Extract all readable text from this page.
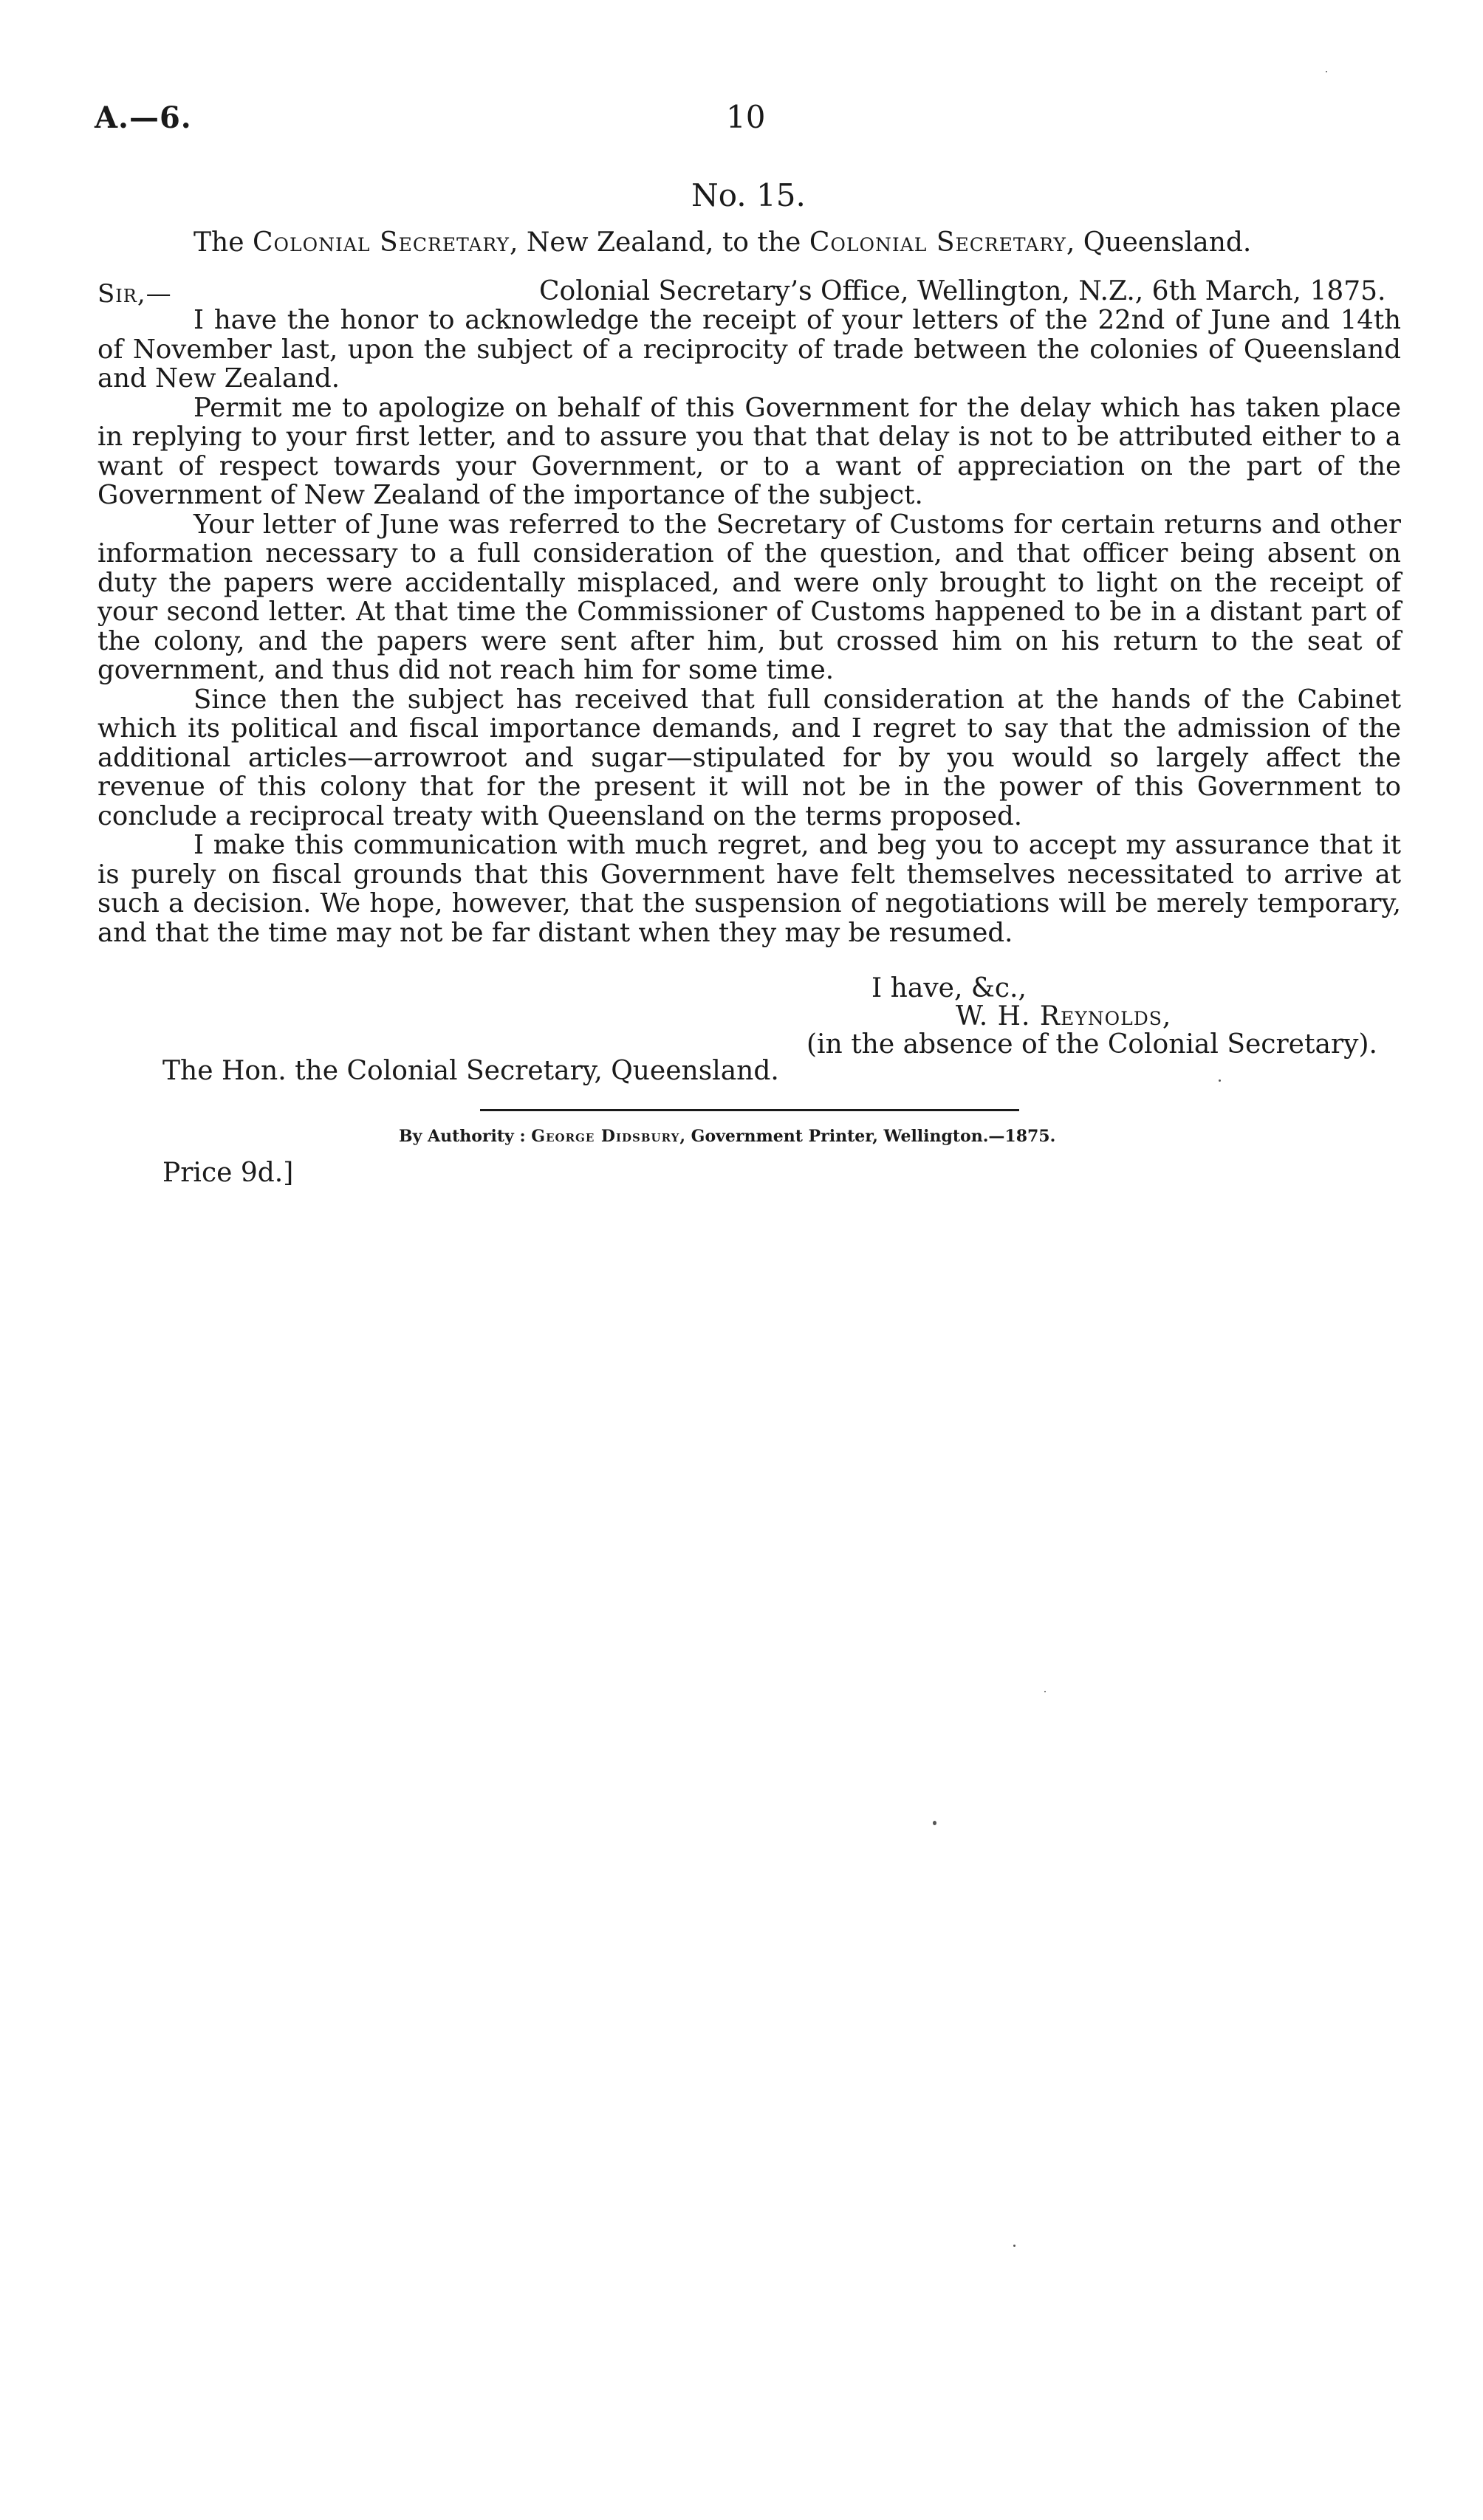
A.—6.	10
No. 15.
The Colonial Secretary, New Zealand, to the Colonial Secretary, Queensland.
Sir,—	Colonial Secretary’s Office, Wellington, N.Z., 6th March, 1875.

I have the honor to acknowledge the receipt of your letters of the 22nd of June and 14th of November last, upon the subject of a reciprocity of trade between the colonies of Queensland and New Zealand.

Permit me to apologize on behalf of this Government for the delay which has taken place in replying to your first letter, and to assure you that that delay is not to be attributed either to a want of respect towards your Government, or to a want of appreciation on the part of the Government of New Zealand of the importance of the subject.

Your letter of June was referred to the Secretary of Customs for certain returns and other information necessary to a full consideration of the question, and that officer being absent on duty the papers were accidentally misplaced, and were only brought to light on the receipt of your second letter. At that time the Commissioner of Customs happened to be in a distant part of the colony, and the papers were sent after him, but crossed him on his return to the seat of government, and thus did not reach him for some time.

Since then the subject has received that full consideration at the hands of the Cabinet which its political and fiscal importance demands, and I regret to say that the admission of the additional articles—arrowroot and sugar—stipulated for by you would so largely affect the revenue of this colony that for the present it will not be in the power of this Government to conclude a reciprocal treaty with Queensland on the terms proposed.

I make this communication with much regret, and beg you to accept my assurance that it is purely on fiscal grounds that this Government have felt themselves necessitated to arrive at such a decision. We hope, however, that the suspension of negotiations will be merely temporary, and that the time may not be far distant when they may be resumed.

I have, &c.,
W. H. Reynolds,
(in the absence of the Colonial Secretary).
The Hon. the Colonial Secretary, Queensland.
By Authority : George Didsbury, Government Printer, Wellington.—1875.
Price 9d.]
